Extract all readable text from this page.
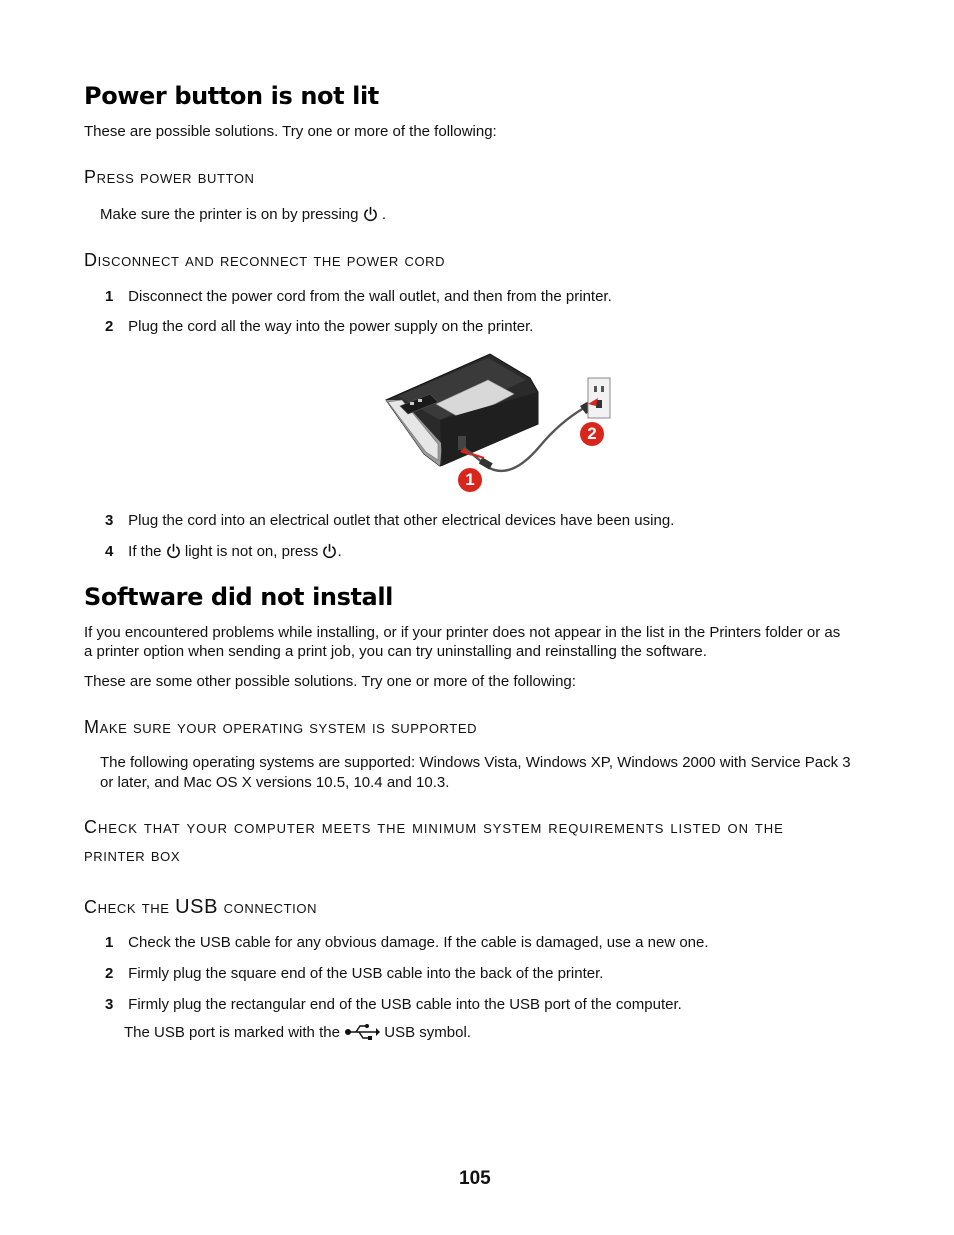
Power button is not lit
These are possible solutions. Try one or more of the following:
Press power button
Make sure the printer is on by pressing .
Disconnect and reconnect the power cord
1 Disconnect the power cord from the wall outlet, and then from the printer.
2 Plug the cord all the way into the power supply on the printer.
1
2
3 Plug the cord into an electrical outlet that other electrical devices have been using.
4 If the light is not on, press .
Software did not install
If you encountered problems while installing, or if your printer does not appear in the list in the Printers folder or as
a printer option when sending a print job, you can try uninstalling and reinstalling the software.
These are some other possible solutions. Try one or more of the following:
Make sure your operating system is supported
The following operating systems are supported: Windows Vista, Windows XP, Windows 2000 with Service Pack 3
or later, and Mac OS X versions 10.5, 10.4 and 10.3.
Check that your computer meets the minimum system requirements listed on the
printer box
Check the USB connection
1 Check the USB cable for any obvious damage. If the cable is damaged, use a new one.
2 Firmly plug the square end of the USB cable into the back of the printer.
3 Firmly plug the rectangular end of the USB cable into the USB port of the computer.
The USB port is marked with the	USB symbol.
105
